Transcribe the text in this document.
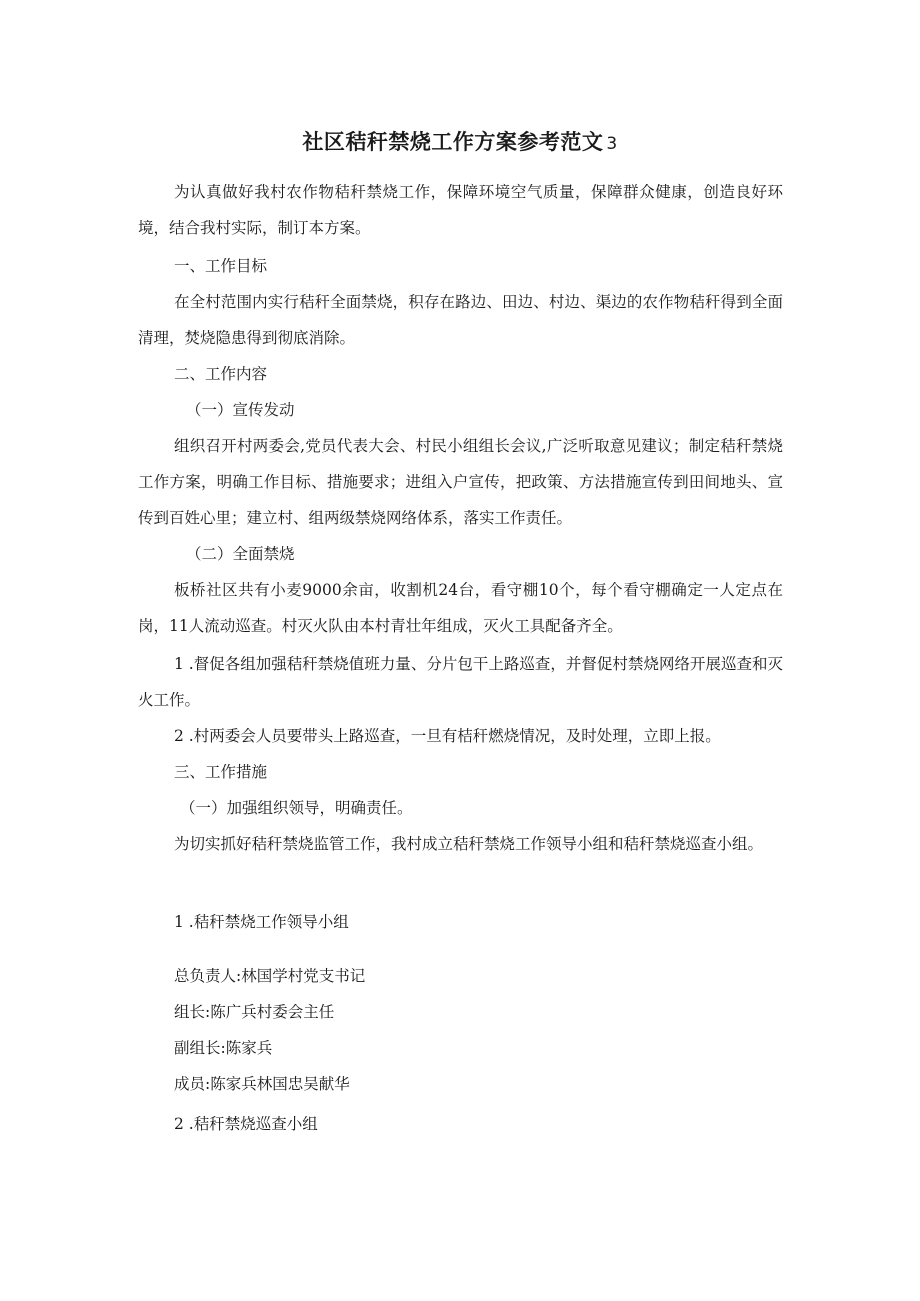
社区秸秆禁烧工作方案参考范文 3

为认真做好我村农作物秸秆禁烧工作，保障环境空气质量，保障群众健康，创造良好环境，结合我村实际，制订本方案。

一、工作目标

在全村范围内实行秸秆全面禁烧，积存在路边、田边、村边、渠边的农作物秸秆得到全面清理，焚烧隐患得到彻底消除。

二、工作内容

（一）宣传发动

组织召开村两委会,党员代表大会、村民小组组长会议,广泛听取意见建议；制定秸秆禁烧工作方案，明确工作目标、措施要求；进组入户宣传，把政策、方法措施宣传到田间地头、宣传到百姓心里；建立村、组两级禁烧网络体系，落实工作责任。

（二）全面禁烧

板桥社区共有小麦9000余亩，收割机24台，看守棚10个，每个看守棚确定一人定点在岗，11人流动巡查。村灭火队由本村青壮年组成，灭火工具配备齐全。

1 .督促各组加强秸秆禁烧值班力量、分片包干上路巡查，并督促村禁烧网络开展巡查和灭火工作。

2 .村两委会人员要带头上路巡查，一旦有桔秆燃烧情况，及时处理，立即上报。

三、工作措施

（一）加强组织领导，明确责任。

为切实抓好秸秆禁烧监管工作，我村成立秸秆禁烧工作领导小组和秸秆禁烧巡查小组。

1 .秸秆禁烧工作领导小组

总负责人:林国学村党支书记

组长:陈广兵村委会主任

副组长:陈家兵

成员:陈家兵林国忠吴献华

2 .秸秆禁烧巡查小组
